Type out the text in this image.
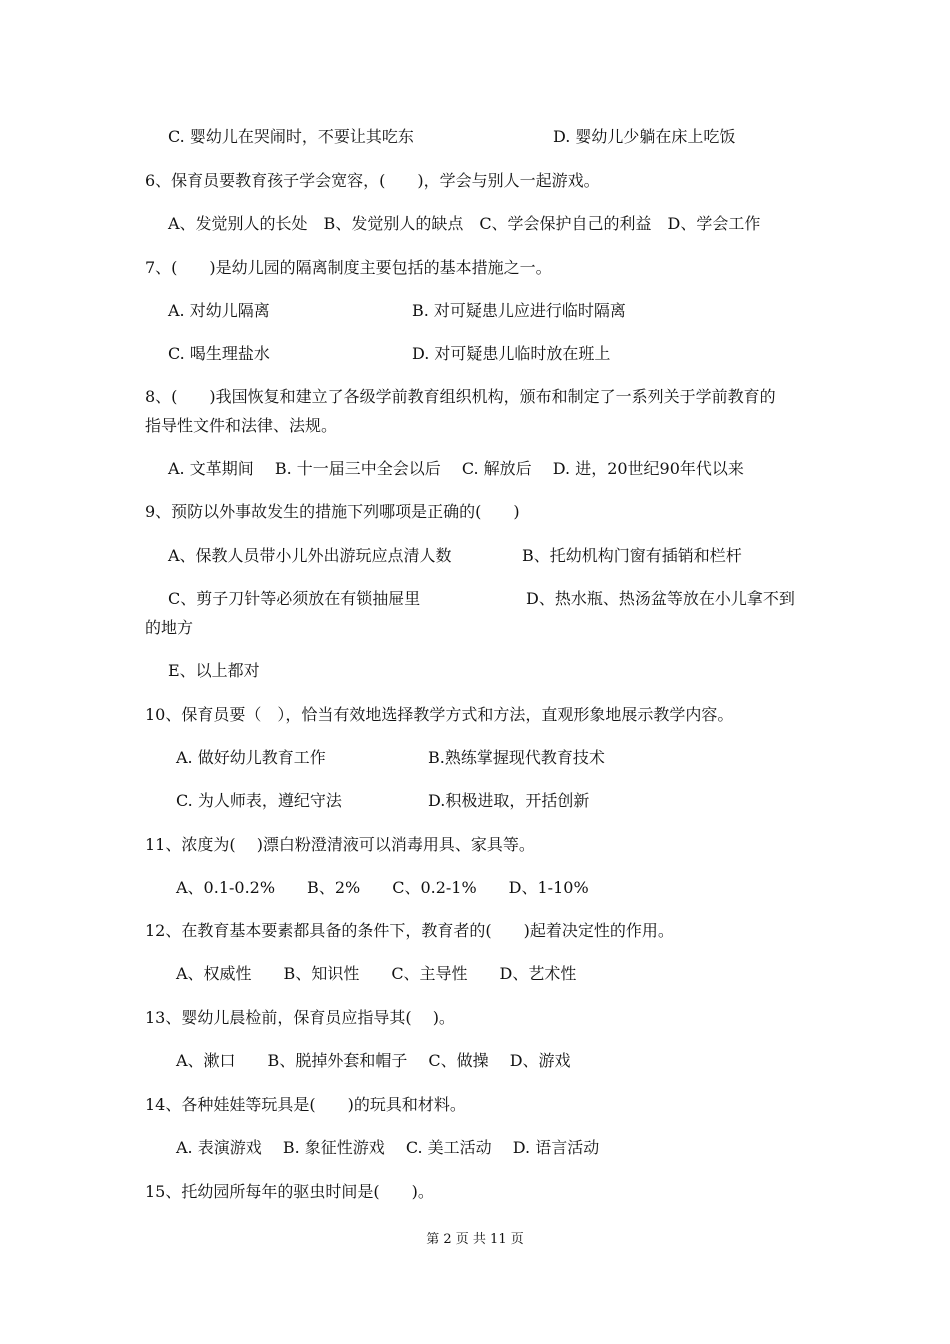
C. 婴幼儿在哭闹时，不要让其吃东	D. 婴幼儿少躺在床上吃饭
6、保育员要教育孩子学会宽容，(　　)，学会与别人一起游戏。
A、发觉别人的长处　B、发觉别人的缺点　C、学会保护自己的利益　D、学会工作
7、(　　)是幼儿园的隔离制度主要包括的基本措施之一。
A. 对幼儿隔离	B. 对可疑患儿应进行临时隔离
C. 喝生理盐水	D. 对可疑患儿临时放在班上
8、(　　)我国恢复和建立了各级学前教育组织机构，颁布和制定了一系列关于学前教育的
指导性文件和法律、法规。
A. 文革期间　 B. 十一届三中全会以后　 C. 解放后　 D. 进，20世纪90年代以来
9、预防以外事故发生的措施下列哪项是正确的(　　)
A、保教人员带小儿外出游玩应点清人数	B、托幼机构门窗有插销和栏杆
C、剪子刀针等必须放在有锁抽屉里	D、热水瓶、热汤盆等放在小儿拿不到
的地方
E、以上都对
10、保育员要（　），恰当有效地选择教学方式和方法，直观形象地展示教学内容。
A. 做好幼儿教育工作	B.熟练掌握现代教育技术
C. 为人师表，遵纪守法	D.积极进取，开括创新
11、浓度为(　 )漂白粉澄清液可以消毒用具、家具等。
A、0.1-0.2%　　B、2%　　C、0.2-1%　　D、1-10%
12、在教育基本要素都具备的条件下，教育者的(　　)起着决定性的作用。
A、权威性　　B、知识性　　C、主导性　　D、艺术性
13、婴幼儿晨检前，保育员应指导其(　 )。
A、漱口　　B、脱掉外套和帽子　 C、做操　 D、游戏
14、各种娃娃等玩具是(　　)的玩具和材料。
A. 表演游戏　 B. 象征性游戏　 C. 美工活动　 D. 语言活动
15、托幼园所每年的驱虫时间是(　　)。
第 2 页 共 11 页
